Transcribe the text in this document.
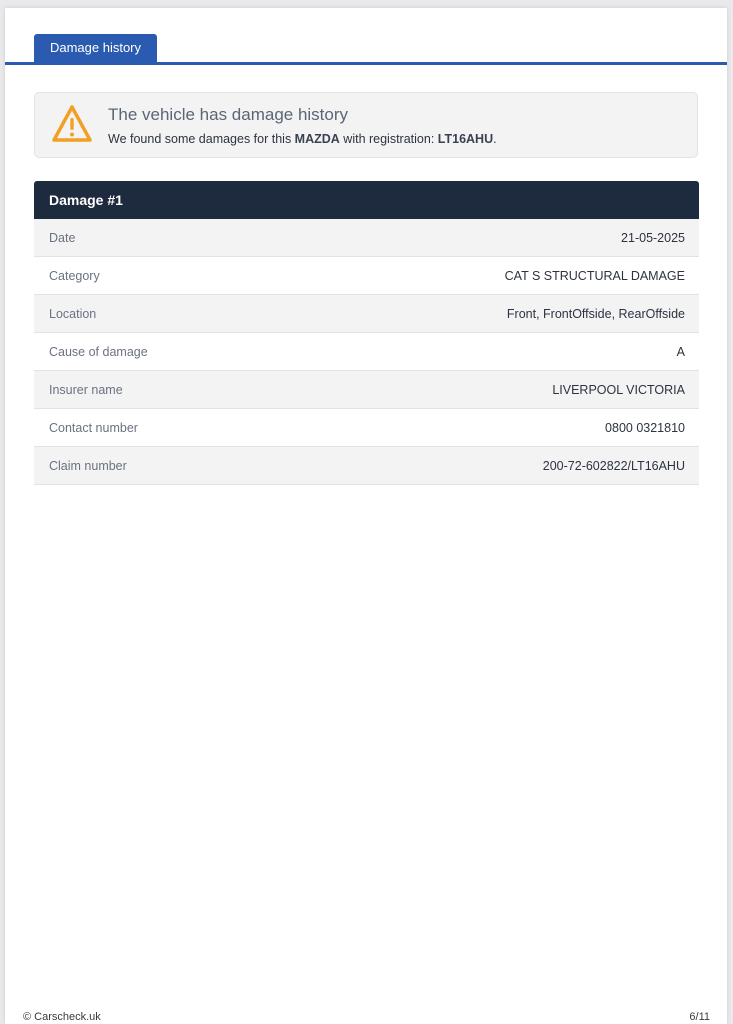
Damage history
The vehicle has damage history
We found some damages for this MAZDA with registration: LT16AHU.
Damage #1
Date	21-05-2025
Category	CAT S STRUCTURAL DAMAGE
Location	Front, FrontOffside, RearOffside
Cause of damage	A
Insurer name	LIVERPOOL VICTORIA
Contact number	0800 0321810
Claim number	200-72-602822/LT16AHU
© Carscheck.uk	6/11
